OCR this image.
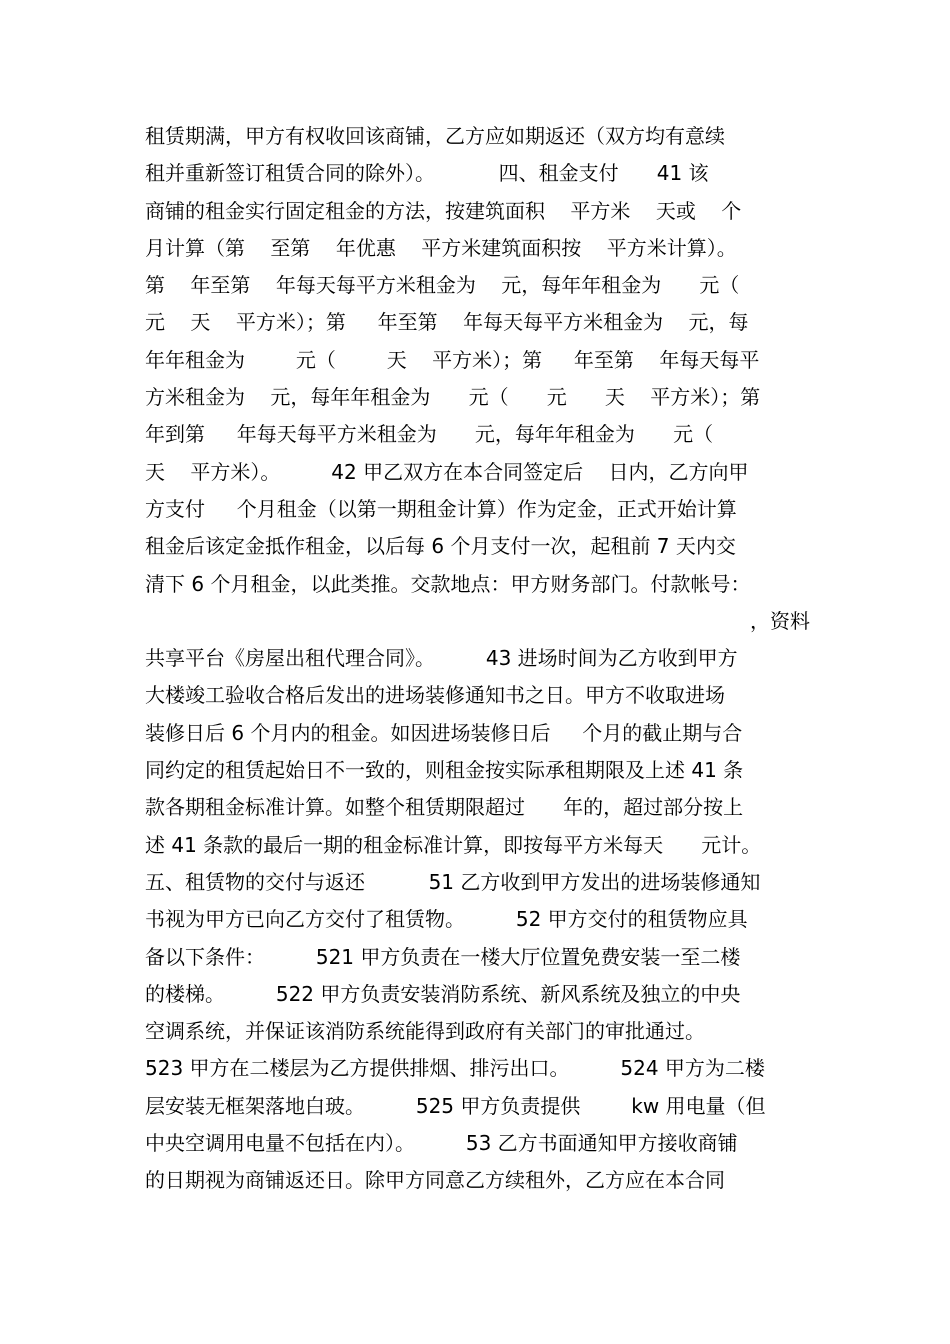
租赁期满，甲方有权收回该商铺，乙方应如期返还（双方均有意续
租并重新签订租赁合同的除外）。          四、租金支付      41 该
商铺的租金实行固定租金的方法，按建筑面积    平方米    天或    个
月计算（第    至第    年优惠    平方米建筑面积按    平方米计算）。
第    年至第    年每天每平方米租金为    元，每年年租金为      元（
元    天    平方米）；第     年至第    年每天每平方米租金为    元，每
年年租金为        元（        天    平方米）；第     年至第    年每天每平
方米租金为    元，每年年租金为      元（      元      天    平方米）；第
年到第     年每天每平方米租金为      元，每年年租金为      元（
天    平方米）。        42 甲乙双方在本合同签定后    日内，乙方向甲
方支付     个月租金（以第一期租金计算）作为定金，正式开始计算
租金后该定金抵作租金，以后每 6 个月支付一次，起租前 7 天内交
清下 6 个月租金，以此类推。交款地点：甲方财务部门。付款帐号：
，资料
共享平台《房屋出租代理合同》。        43 进场时间为乙方收到甲方
大楼竣工验收合格后发出的进场装修通知书之日。甲方不收取进场
装修日后 6 个月内的租金。如因进场装修日后     个月的截止期与合
同约定的租赁起始日不一致的，则租金按实际承租期限及上述 41 条
款各期租金标准计算。如整个租赁期限超过      年的，超过部分按上
述 41 条款的最后一期的租金标准计算，即按每平方米每天      元计。
五、租赁物的交付与返还          51 乙方收到甲方发出的进场装修通知
书视为甲方已向乙方交付了租赁物。        52 甲方交付的租赁物应具
备以下条件：        521 甲方负责在一楼大厅位置免费安装一至二楼
的楼梯。        522 甲方负责安装消防系统、新风系统及独立的中央
空调系统，并保证该消防系统能得到政府有关部门的审批通过。
523 甲方在二楼层为乙方提供排烟、排污出口。        524 甲方为二楼
层安装无框架落地白玻。        525 甲方负责提供        kw 用电量（但
中央空调用电量不包括在内）。        53 乙方书面通知甲方接收商铺
的日期视为商铺返还日。除甲方同意乙方续租外，乙方应在本合同
